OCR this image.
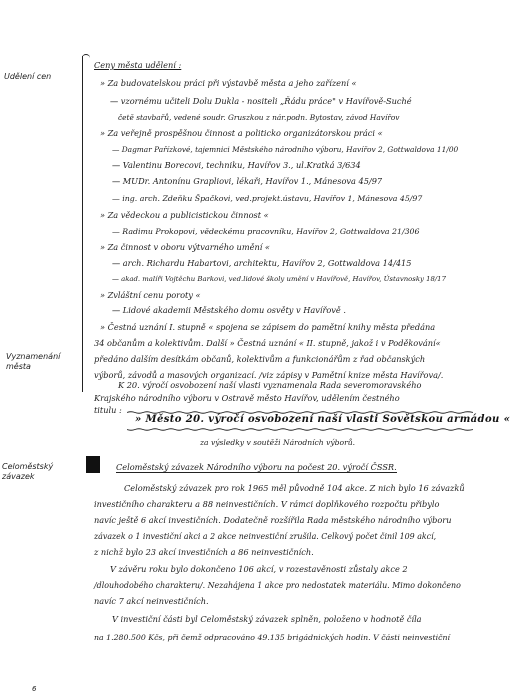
Udělení cen
Vyznamenání města
Celoměstský závazek
Ceny města udělení :
» Za budovatelskou práci při výstavbě města a jeho zařízení «
— vzornému učiteli Dolu Dukla - nositeli „Řádu práce" v Havířově-Suché
četě stavbařů, vedené soudr. Gruszkou z nár.podn. Bytostav, závod Havířov
» Za veřejně prospěšnou činnost a politicko organizátorskou práci «
— Dagmar Pařízkové, tajemnici Městského národního výboru, Havířov 2, Gottwaldova 11/00
— Valentinu Borecovi, techniku, Havířov 3., ul.Kratká 3/634
— MUDr. Antonínu Grapliovi, lékaři, Havířov 1., Mánesova 45/97
— ing. arch. Zdeňku Špačkovi, ved.projekt.ústavu, Havířov 1, Mánesova 45/97
» Za vědeckou a publicistickou činnost «
— Radimu Prokopovi, vědeckému pracovníku, Havířov 2, Gottwaldova 21/306
» Za činnost v oboru výtvarného umění «
— arch. Richardu Habartovi, architektu, Havířov 2, Gottwaldova 14/415
— akad. malíři Vojtěchu Barkovi, ved.lidové školy umění v Havířově, Havířov, Ústavnosky 18/17
» Zvláštní cenu poroty «
— Lidové akademii Městského domu osvěty v Havířově .
» Čestná uznání I. stupně « spojena se zápisem do pamětní knihy města předána
34 občanům a kolektivům. Další » Čestná uznání « II. stupně, jakož i v Poděkování«
předáno dalším desítkám občanů, kolektivům a funkcionářům z řad občanských
výborů, závodů a masových organizací. /viz zápisy v Pamětní knize města Havířova/.
K 20. výročí osvobození naší vlasti vyznamenala Rada severomoravského
Krajského národního výboru v Ostravě město Havířov, udělením čestného
titulu :
» Město 20. výročí osvobození naší vlasti Sovětskou armádou «
za výsledky v soutěži Národních výborů.
Celoměstský závazek Národního výboru na počest 20. výročí ČSSR.
Celoměstský závazek pro rok 1965 měl původně 104 akce. Z nich bylo 16 závazků
investičního charakteru a 88 neinvestičních. V rámci doplňkového rozpočtu přibylo
navíc ještě 6 akcí investičních. Dodatečně rozšířila Rada městského národního výboru
závazek o 1 investiční akci a 2 akce neinvestiční zrušila. Celkový počet činil 109 akcí,
z nichž bylo 23 akcí investičních a 86 neinvestičních.
V závěru roku bylo dokončeno 106 akcí, v rozestavěnosti zůstaly akce 2
/dlouhodobého charakteru/. Nezahájena 1 akce pro nedostatek materiálu. Mimo dokončeno
navíc 7 akcí neinvestičních.
V investiční části byl Celoměstský závazek splněn, položeno v hodnotě číla
na 1.280.500 Kčs, při čemž odpracováno 49.135 brigádnických hodin. V části neinvestiční
6
